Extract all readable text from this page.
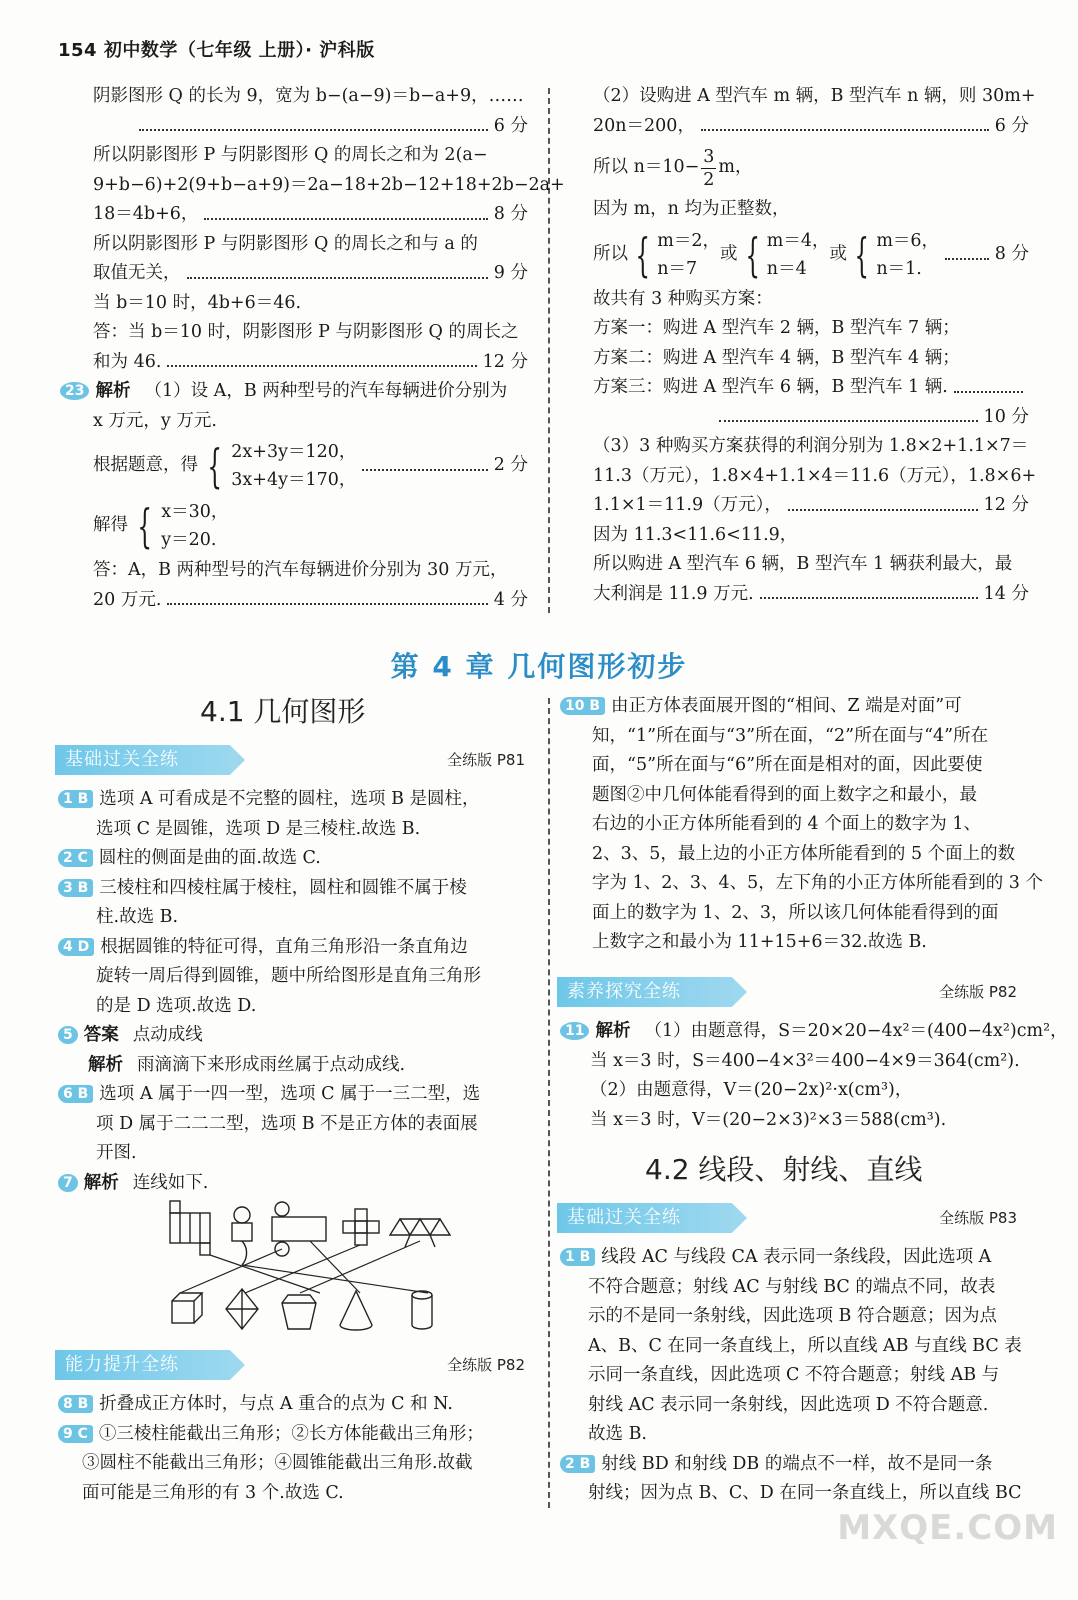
154 初中数学（七年级 上册）· 沪科版
阴影图形 Q 的长为 9，宽为 b−(a−9)＝b−a+9，……
6 分
所以阴影图形 P 与阴影图形 Q 的周长之和为 2(a−
9+b−6)+2(9+b−a+9)＝2a−18+2b−12+18+2b−2a+
18＝4b+6，	8 分
所以阴影图形 P 与阴影图形 Q 的周长之和与 a 的
取值无关，	9 分
当 b＝10 时，4b+6＝46.
答：当 b＝10 时，阴影图形 P 与阴影图形 Q 的周长之
和为 46.	12 分
23 解析 （1）设 A，B 两种型号的汽车每辆进价分别为
x 万元，y 万元.
根据题意，得 { 2x+3y＝120，
3x+4y＝170，
2 分
解得 { x＝30，
y＝20.
答：A，B 两种型号的汽车每辆进价分别为 30 万元，
20 万元.	4 分
（2）设购进 A 型汽车 m 辆，B 型汽车 n 辆，则 30m+
20n＝200，	6 分
所以 $n=10- \frac{3}{2}$ m，
因为 m，n 均为正整数，
所以 { m＝2，
n＝7
或 { m＝4，
n＝4
或 { m＝6，
n＝1.
8 分
故共有 3 种购买方案：
方案一：购进 A 型汽车 2 辆，B 型汽车 7 辆；
方案二：购进 A 型汽车 4 辆，B 型汽车 4 辆；
方案三：购进 A 型汽车 6 辆，B 型汽车 1 辆.
10 分
（3）3 种购买方案获得的利润分别为 1.8×2+1.1×7＝
11.3（万元），1.8×4+1.1×4＝11.6（万元），1.8×6+
1.1×1＝11.9（万元），	12 分
因为 11.3<11.6<11.9，
所以购进 A 型汽车 6 辆，B 型汽车 1 辆获利最大，最
大利润是 11.9 万元.	14 分
第 4 章 几何图形初步
4.1 几何图形
基础过关全练	全练版 P81
1 B 选项 A 可看成是不完整的圆柱，选项 B 是圆柱，
选项 C 是圆锥，选项 D 是三棱柱.故选 B.
2 C 圆柱的侧面是曲的面.故选 C.
3 B 三棱柱和四棱柱属于棱柱，圆柱和圆锥不属于棱
柱.故选 B.
4 D 根据圆锥的特征可得，直角三角形沿一条直角边
旋转一周后得到圆锥，题中所给图形是直角三角形
的是 D 选项.故选 D.
5 答案 点动成线
解析 雨滴滴下来形成雨丝属于点动成线.
6 B 选项 A 属于一四一型，选项 C 属于一三二型，选
项 D 属于二二二型，选项 B 不是正方体的表面展
开图.
7 解析 连线如下.
能力提升全练	全练版 P82
8 B 折叠成正方体时，与点 A 重合的点为 C 和 N.
9 C ①三棱柱能截出三角形；②长方体能截出三角形；
③圆柱不能截出三角形；④圆锥能截出三角形.故截
面可能是三角形的有 3 个.故选 C.
10 B 由正方体表面展开图的“相间、Z 端是对面”可
知，“1”所在面与“3”所在面，“2”所在面与“4”所在
面，“5”所在面与“6”所在面是相对的面，因此要使
题图②中几何体能看得到的面上数字之和最小，最
右边的小正方体所能看到的 4 个面上的数字为 1、
2、3、5，最上边的小正方体所能看到的 5 个面上的数
字为 1、2、3、4、5，左下角的小正方体所能看到的 3 个
面上的数字为 1、2、3，所以该几何体能看得到的面
上数字之和最小为 11+15+6＝32.故选 B.
素养探究全练	全练版 P82
11 解析 （1）由题意得，S＝20×20−4x²＝(400−4x²)cm²，
当 x＝3 时，S＝400−4×3²＝400−4×9＝364(cm²).
（2）由题意得，V＝(20−2x)²·x(cm³)，
当 x＝3 时，V＝(20−2×3)²×3＝588(cm³).
4.2 线段、射线、直线
基础过关全练	全练版 P83
1 B 线段 AC 与线段 CA 表示同一条线段，因此选项 A
不符合题意；射线 AC 与射线 BC 的端点不同，故表
示的不是同一条射线，因此选项 B 符合题意；因为点
A、B、C 在同一条直线上，所以直线 AB 与直线 BC 表
示同一条直线，因此选项 C 不符合题意；射线 AB 与
射线 AC 表示同一条射线，因此选项 D 不符合题意.
故选 B.
2 B 射线 BD 和射线 DB 的端点不一样，故不是同一条
射线；因为点 B、C、D 在同一条直线上，所以直线 BC
MXQE.COM
